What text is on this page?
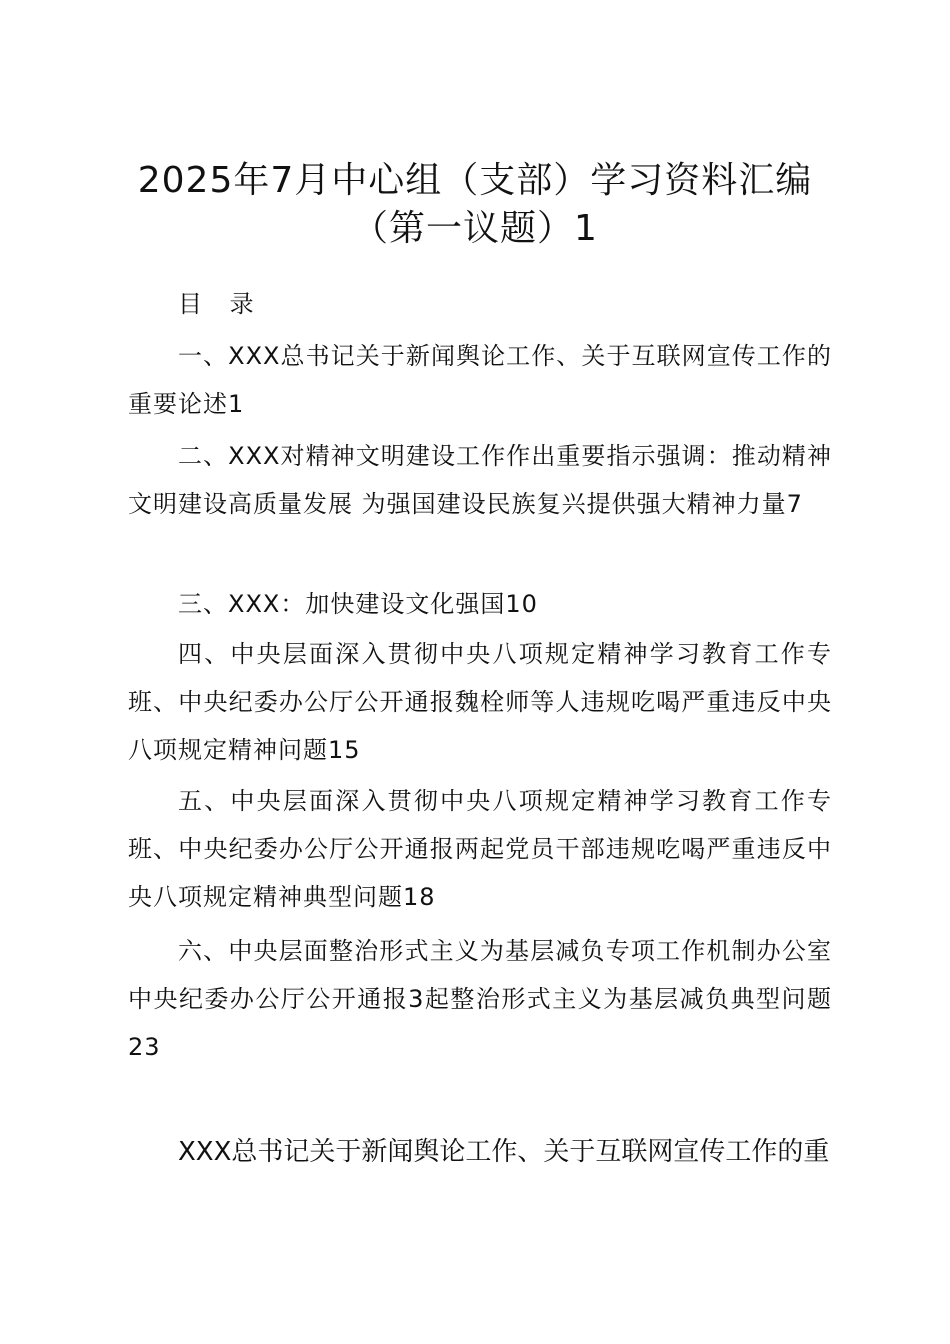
2025年7月中心组（支部）学习资料汇编
（第一议题）1
目 录
一、XXX总书记关于新闻舆论工作、关于互联网宣传工作的重要论述1
二、XXX对精神文明建设工作作出重要指示强调：推动精神文明建设高质量发展 为强国建设民族复兴提供强大精神力量7
三、XXX：加快建设文化强国10
四、中央层面深入贯彻中央八项规定精神学习教育工作专班、中央纪委办公厅公开通报魏栓师等人违规吃喝严重违反中央八项规定精神问题15
五、中央层面深入贯彻中央八项规定精神学习教育工作专班、中央纪委办公厅公开通报两起党员干部违规吃喝严重违反中央八项规定精神典型问题18
六、中央层面整治形式主义为基层减负专项工作机制办公室 中央纪委办公厅公开通报3起整治形式主义为基层减负典型问题23
XXX总书记关于新闻舆论工作、关于互联网宣传工作的重
